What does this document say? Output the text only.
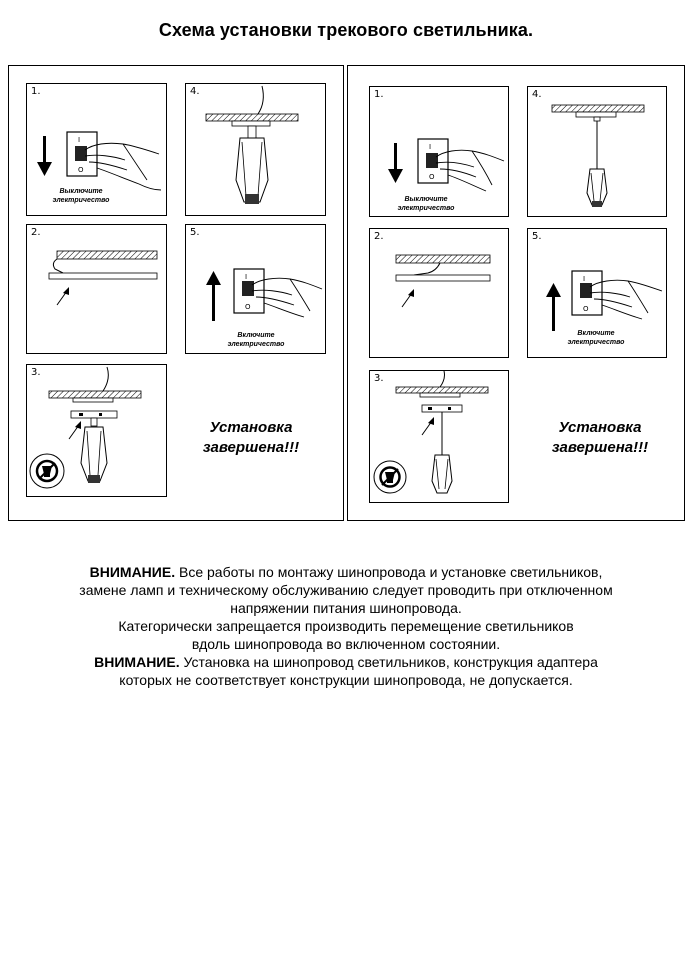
Схема установки трекового светильника.
1.
I
O
Выключите
электричество
4.
2.	5.
I
O
Включите
электричество
3.
Установка
завершена!!!
1.
I
O
Выключите
электричество
4.
2.	5.
I
O
Включите
электричество
3.
Установка
завершена!!!

ВНИМАНИЕ. Все работы по монтажу шинопровода и установке светильников,

замене ламп и техническому обслуживанию следует проводить при отключенном

напряжении питания шинопровода.

Категорически запрещается производить перемещение светильников

вдоль шинопровода во включенном состоянии.

ВНИМАНИЕ. Установка на шинопровод светильников, конструкция адаптера

которых не соответствует конструкции шинопровода, не допускается.
